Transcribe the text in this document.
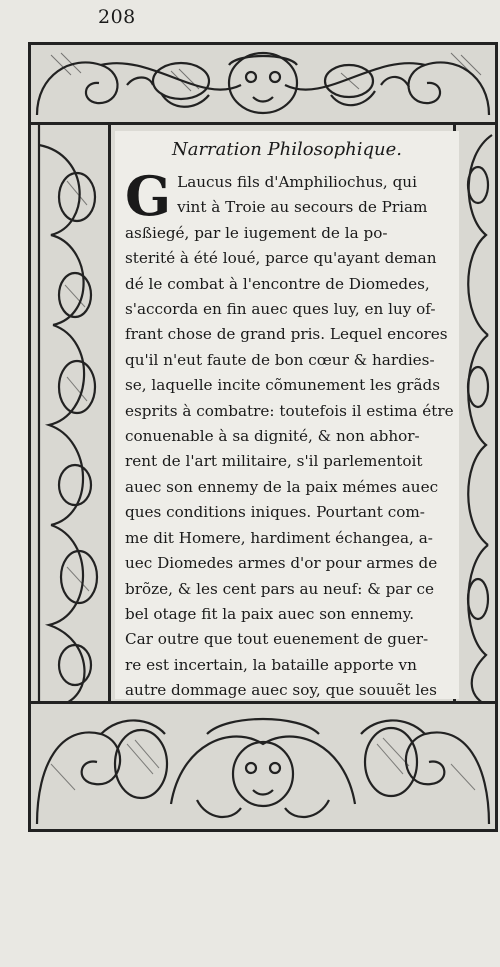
208
Narration Philosophique.
G Laucus fils d'Amphiliochus, qui
vint à Troie au secours de Priam
asßiegé, par le iugement de la po-
sterité à été loué, parce qu'ayant deman
dé le combat à l'encontre de Diomedes,
s'accorda en fin auec ques luy, en luy of-
frant chose de grand pris. Lequel encores
qu'il n'eut faute de bon cœur & hardies-
se, laquelle incite cõmunement les grãds
esprits à combatre: toutefois il estima étre
conuenable à sa dignité, & non abhor-
rent de l'art militaire, s'il parlementoit
auec son ennemy de la paix mémes auec
ques conditions iniques. Pourtant com-
me dit Homere, hardiment échangea, a-
uec Diomedes armes d'or pour armes de
brõze, & les cent pars au neuf: & par ce
bel otage fit la paix auec son ennemy.
Car outre que tout euenement de guer-
re est incertain, la bataille apporte vn
autre dommage auec soy, que souuẽt les
